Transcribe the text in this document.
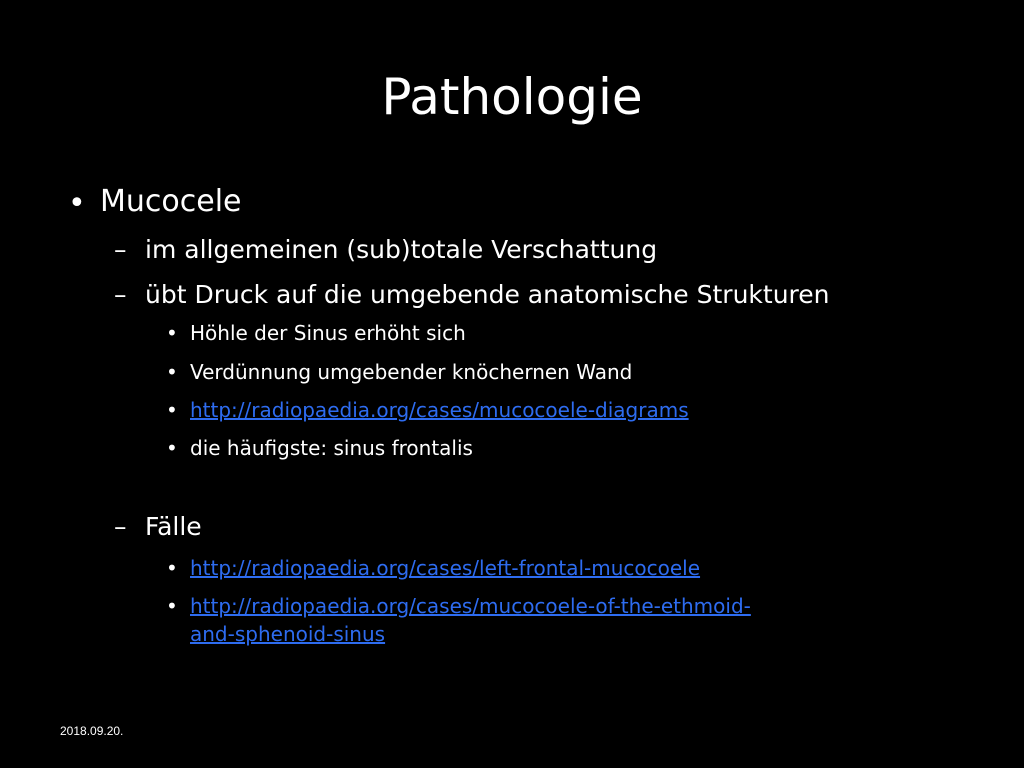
Pathologie
• Mucocele
– im allgemeinen (sub)totale Verschattung
– übt Druck auf die umgebende anatomische Strukturen
• Höhle der Sinus erhöht sich
• Verdünnung umgebender knöchernen Wand
• http://radiopaedia.org/cases/mucocoele-diagrams
• die häufigste: sinus frontalis
– Fälle
• http://radiopaedia.org/cases/left-frontal-mucocoele
• http://radiopaedia.org/cases/mucocoele-of-the-ethmoid-
and-sphenoid-sinus
2018.09.20.
